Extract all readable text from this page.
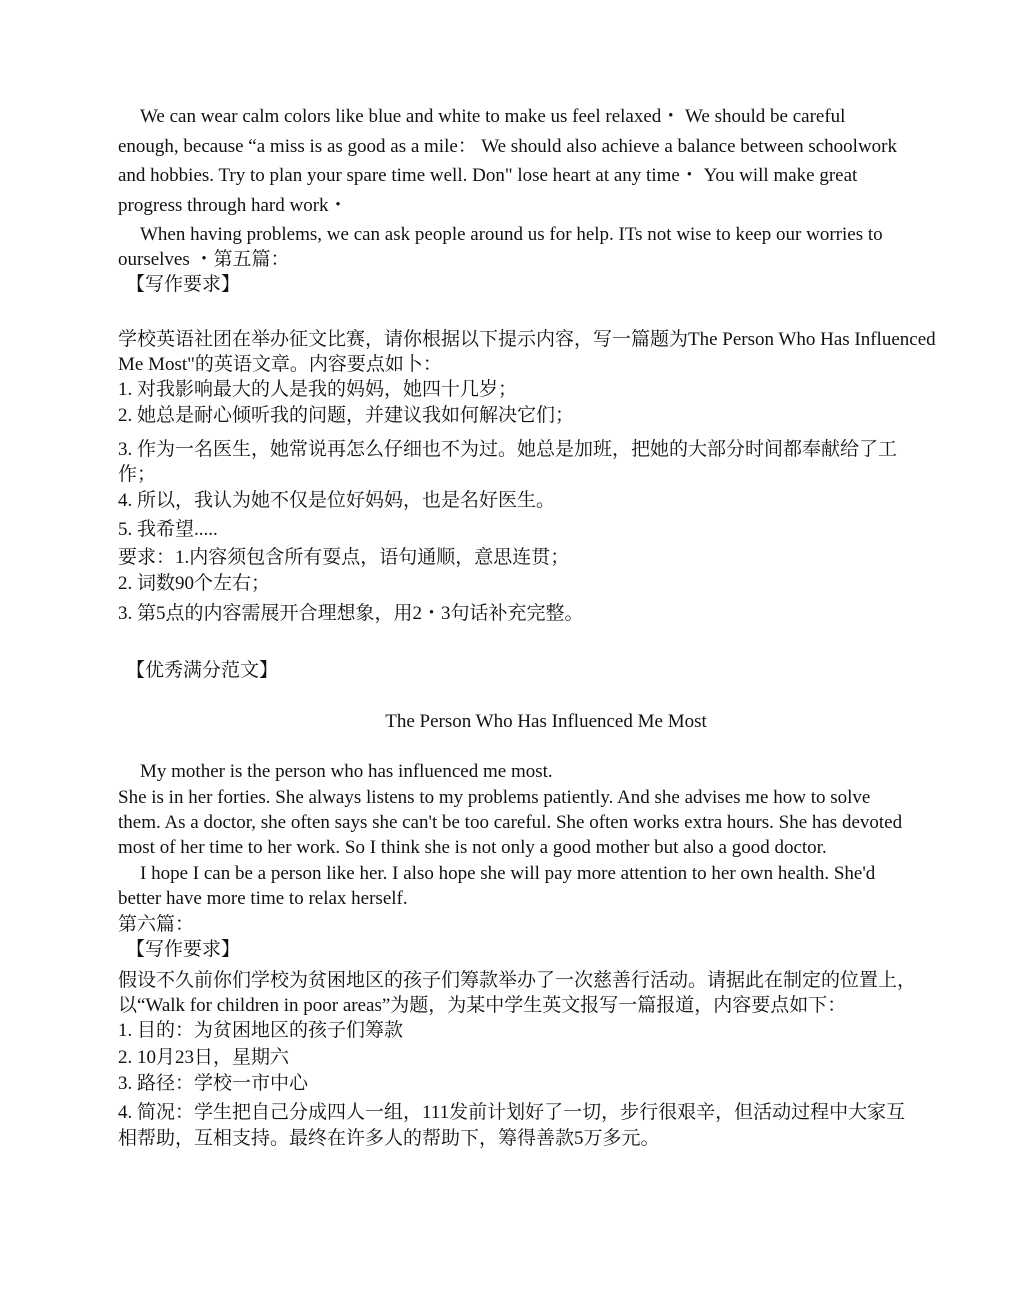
We can wear calm colors like blue and white to make us feel relaxed・ We should be careful
enough, because “a miss is as good as a mile： We should also achieve a balance between schoolwork
and hobbies. Try to plan your spare time well. Don" lose heart at any time・ You will make great
progress through hard work・
When having problems, we can ask people around us for help. ITs not wise to keep our worries to
ourselves ・第五篇：
【写作要求】
学校英语社团在举办征文比赛，请你根据以下提示内容，写一篇题为The Person Who Has Influenced
Me Most"的英语文章。内容要点如卜：
1. 对我影响最大的人是我的妈妈，她四十几岁；
2. 她总是耐心倾听我的问题，并建议我如何解决它们；
3. 作为一名医生，她常说再怎么仔细也不为过。她总是加班，把她的大部分时间都奉献给了工
作；
4. 所以，我认为她不仅是位好妈妈，也是名好医生。
5. 我希望.....
要求：1.内容须包含所有耍点，语句通顺，意思连贯；
2. 词数90个左右；
3. 第5点的内容需展开合理想象，用2・3句话补充完整。
【优秀满分范文】
The Person Who Has Influenced Me Most
My mother is the person who has influenced me most.
She is in her forties. She always listens to my problems patiently. And she advises me how to solve
them. As a doctor, she often says she can't be too careful. She often works extra hours. She has devoted
most of her time to her work. So I think she is not only a good mother but also a good doctor.
I hope I can be a person like her. I also hope she will pay more attention to her own health. She'd
better have more time to relax herself.
第六篇：
【写作要求】
假设不久前你们学校为贫困地区的孩子们筹款举办了一次慈善行活动。请据此在制定的位置上，
以“Walk for children in poor areas”为题，为某中学生英文报写一篇报道，内容要点如下：
1. 目的：为贫困地区的孩子们筹款
2. 10月23日，星期六
3. 路径：学校一市中心
4. 简况：学生把自己分成四人一组，111发前计划好了一切，步行很艰辛，但活动过程中大家互
相帮助，互相支持。最终在许多人的帮助下，筹得善款5万多元。
